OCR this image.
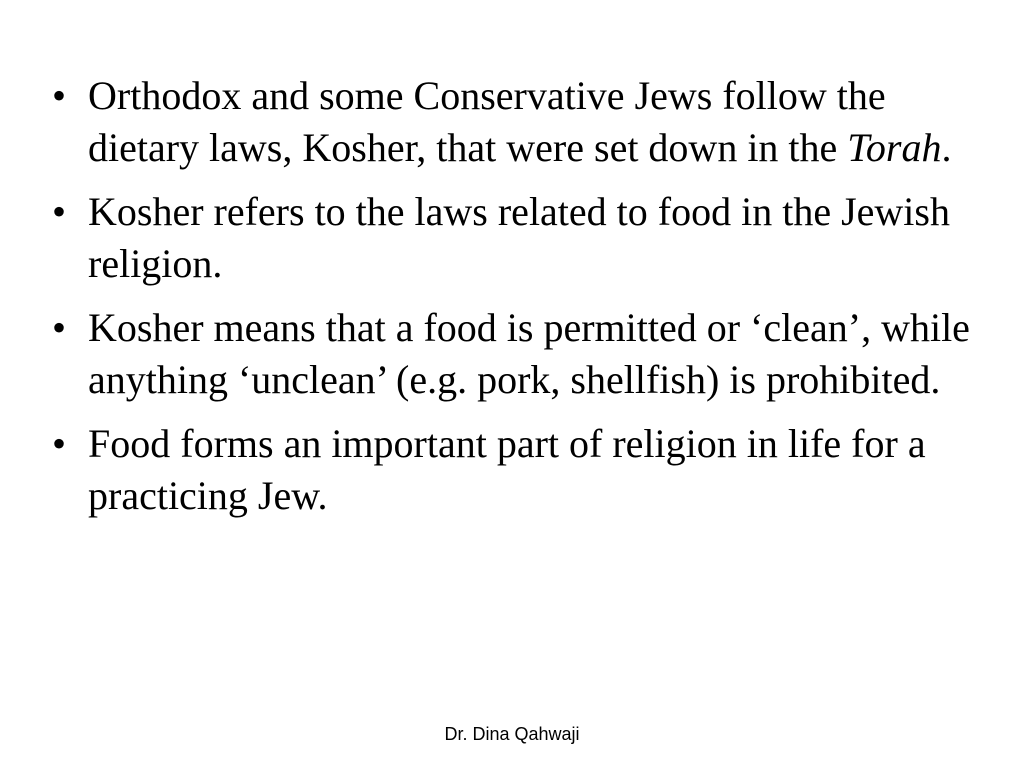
• Orthodox and some Conservative Jews follow the dietary laws, Kosher, that were set down in the Torah.
• Kosher refers to the laws related to food in the Jewish religion.
• Kosher means that a food is permitted or ‘clean’, while anything ‘unclean’ (e.g. pork, shellfish) is prohibited.
• Food forms an important part of religion in life for a practicing Jew.
Dr. Dina Qahwaji
